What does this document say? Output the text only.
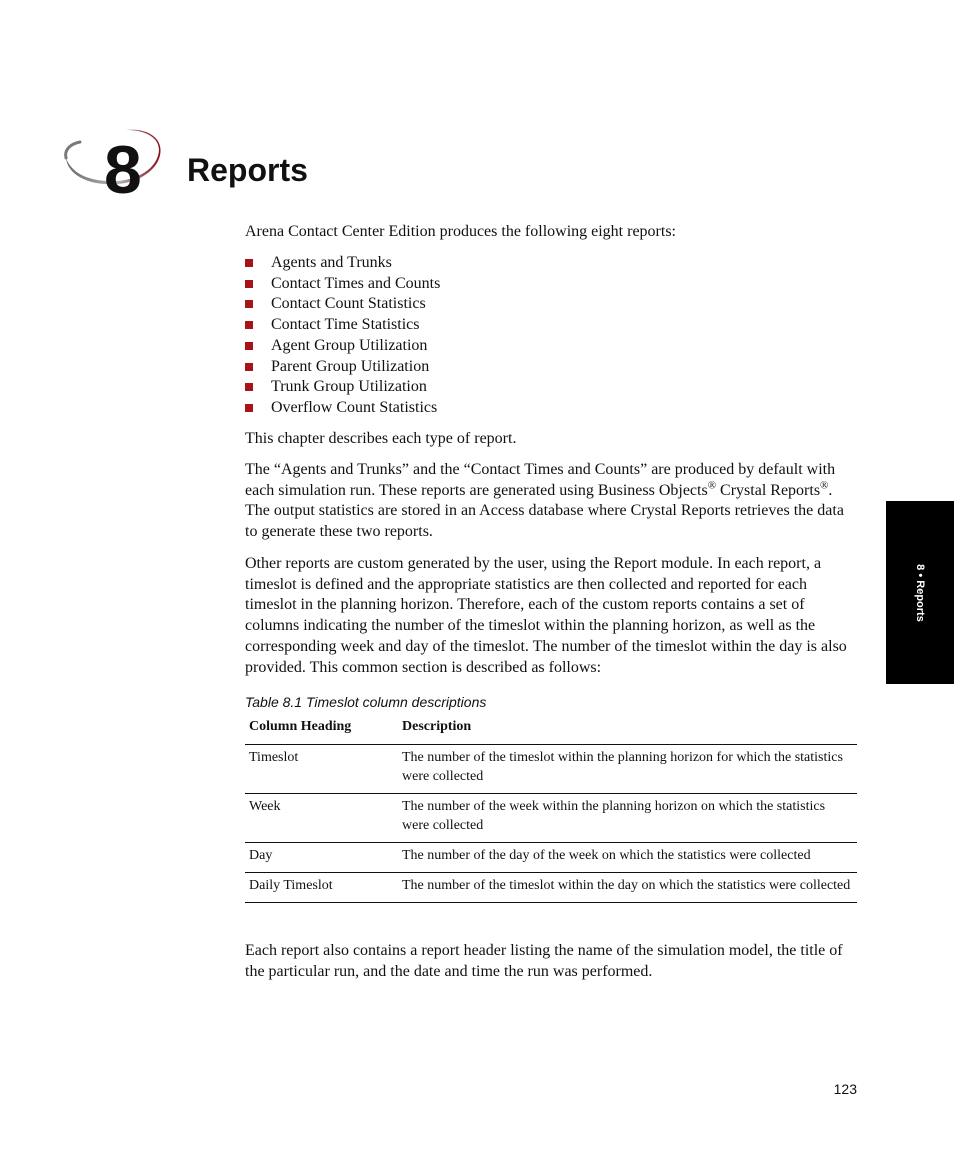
8 Reports

Arena Contact Center Edition produces the following eight reports:

Agents and Trunks
Contact Times and Counts
Contact Count Statistics
Contact Time Statistics
Agent Group Utilization
Parent Group Utilization
Trunk Group Utilization
Overflow Count Statistics

This chapter describes each type of report.

The “Agents and Trunks” and the “Contact Times and Counts” are produced by default with each simulation run. These reports are generated using Business Objects® Crystal Reports®. The output statistics are stored in an Access database where Crystal Reports retrieves the data to generate these two reports.

Other reports are custom generated by the user, using the Report module. In each report, a timeslot is defined and the appropriate statistics are then collected and reported for each timeslot in the planning horizon. Therefore, each of the custom reports contains a set of columns indicating the number of the timeslot within the planning horizon, as well as the corresponding week and day of the timeslot. The number of the timeslot within the day is also provided. This common section is described as follows:

Table 8.1 Timeslot column descriptions
Column Heading	Description
Timeslot	The number of the timeslot within the planning horizon for which the statistics were collected
Week	The number of the week within the planning horizon on which the statistics were collected
Day	The number of the day of the week on which the statistics were collected
Daily Timeslot	The number of the timeslot within the day on which the statistics were collected

Each report also contains a report header listing the name of the simulation model, the title of the particular run, and the date and time the run was performed.

8 • Reports
123
